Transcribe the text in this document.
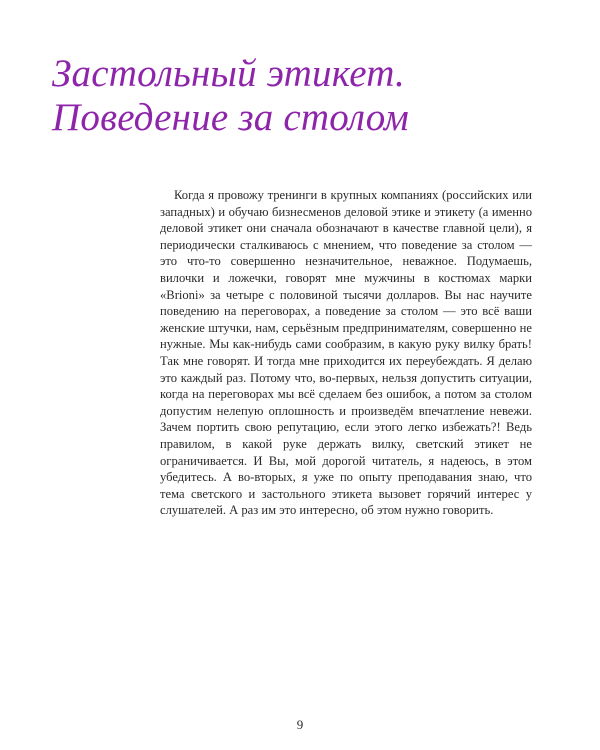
Застольный этикет.
Поведение за столом

Когда я провожу тренинги в крупных компаниях (российских или западных) и обучаю бизнесменов деловой этике и этикету (а именно деловой этикет они сначала обозначают в качестве главной цели), я периодически сталкиваюсь с мнением, что поведение за столом — это что-то совершенно незначительное, неважное. Подумаешь, вилочки и ложечки, говорят мне мужчины в костюмах марки «Brioni» за четыре с половиной тысячи долларов. Вы нас научите поведению на переговорах, а поведение за столом — это всё ваши женские штучки, нам, серьёзным предпринимателям, совершенно не нужные. Мы как-нибудь сами сообразим, в какую руку вилку брать! Так мне говорят. И тогда мне приходится их переубеждать. Я делаю это каждый раз. Потому что, во-первых, нельзя допустить ситуации, когда на переговорах мы всё сделаем без ошибок, а потом за столом допустим нелепую оплошность и произведём впечатление невежи. Зачем портить свою репутацию, если этого легко избежать?! Ведь правилом, в какой руке держать вилку, светский этикет не ограничивается. И Вы, мой дорогой читатель, я надеюсь, в этом убедитесь. А во-вторых, я уже по опыту преподавания знаю, что тема светского и застольного этикета вызовет горячий интерес у слушателей. А раз им это интересно, об этом нужно говорить.

9
